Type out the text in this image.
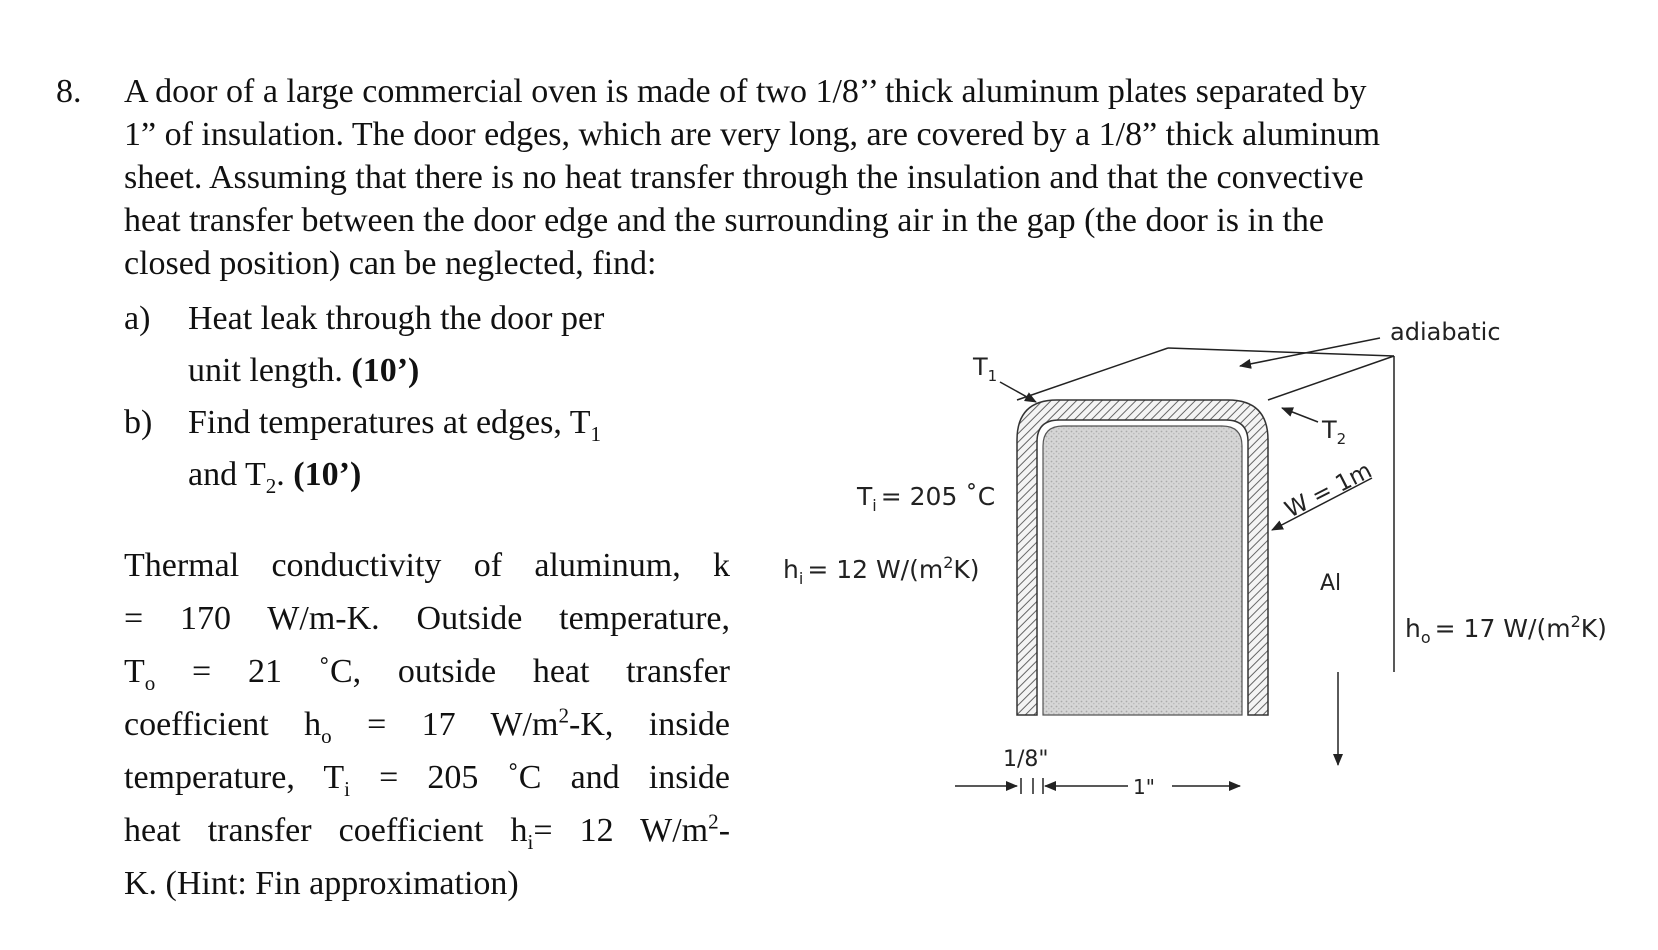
8. A door of a large commercial oven is made of two 1/8’’ thick aluminum plates separated by
1” of insulation. The door edges, which are very long, are covered by a 1/8” thick aluminum
sheet. Assuming that there is no heat transfer through the insulation and that the convective
heat transfer between the door edge and the surrounding air in the gap (the door is in the
closed position) can be neglected, find:
a) Heat leak through the door per
unit length. (10’)
b) Find temperatures at edges, $T_1$
and $T_2$. (10’)
Thermal conductivity of aluminum, k
= 170 W/m-K. Outside temperature,
$T_o = 21$ ˚C, outside heat transfer
coefficient $h_o = 17$ $W/m^2-K$, inside
temperature, $T_i = 205$ ˚C and inside
heat transfer coefficient $h_i= 12$ $W/m^2-$
K. (Hint: Fin approximation)
adiabatic
$T_1$
$T_2$
W = 1m
Al
$T_i = 205$ ˚C
$h_i = 12$ $W/(m^2K)$
$h_o = 17$ $W/(m^2K)$
1/8"
1"
